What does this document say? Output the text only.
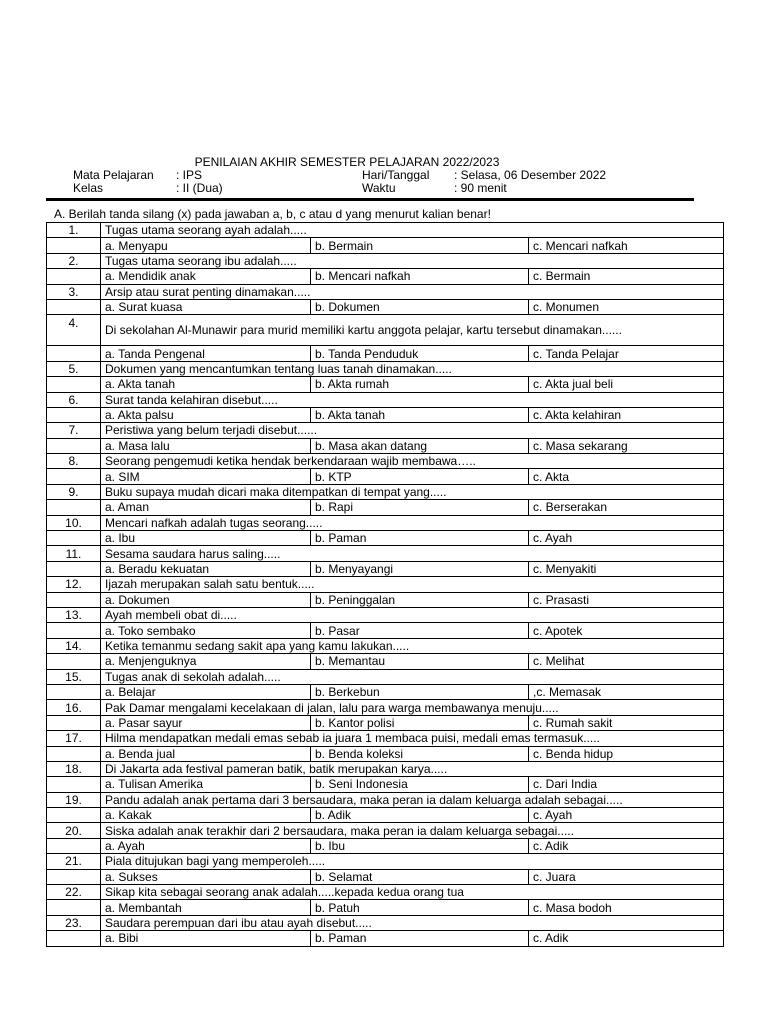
PENILAIAN AKHIR SEMESTER PELAJARAN 2022/2023
Mata Pelajaran : IPS
Kelas	: II (Dua)
Hari/Tanggal : Selasa, 06 Desember 2022
Waktu	: 90 menit
A. Berilah tanda silang (x) pada jawaban a, b, c atau d yang menurut kalian benar!
1.	Tugas utama seorang ayah adalah.....		
	a. Menyapu	b. Bermain	c. Mencari nafkah
2.	Tugas utama seorang ibu adalah.....		
	a. Mendidik anak	b. Mencari nafkah	c. Bermain
3.	Arsip atau surat penting dinamakan.....		
	a. Surat kuasa	b. Dokumen	c. Monumen
4.	Di sekolahan Al-Munawir para murid memiliki kartu anggota pelajar, kartu tersebut dinamakan......		
	a. Tanda Pengenal	b. Tanda Penduduk	c. Tanda Pelajar
5.	Dokumen yang mencantumkan tentang luas tanah dinamakan.....		
	a. Akta tanah	b. Akta rumah	c. Akta jual beli
6.	Surat tanda kelahiran disebut.....		
	a. Akta palsu	b. Akta tanah	c. Akta kelahiran
7.	Peristiwa yang belum terjadi disebut......		
	a. Masa lalu	b. Masa akan datang	c. Masa sekarang
8.	Seorang pengemudi ketika hendak berkendaraan wajib membawa…..		
	a. SIM	b. KTP	c. Akta
9.	Buku supaya mudah dicari maka ditempatkan di tempat yang.....		
	a. Aman	b. Rapi	c. Berserakan
10.	Mencari nafkah adalah tugas seorang.....		
	a. Ibu	b. Paman	c. Ayah
11.	Sesama saudara harus saling.....		
	a. Beradu kekuatan	b. Menyayangi	c. Menyakiti
12.	Ijazah merupakan salah satu bentuk.....		
	a. Dokumen	b. Peninggalan	c. Prasasti
13.	Ayah membeli obat di.....		
	a. Toko sembako	b. Pasar	c. Apotek
14.	Ketika temanmu sedang sakit apa yang kamu lakukan.....		
	a. Menjenguknya	b. Memantau	c. Melihat
15.	Tugas anak di sekolah adalah.....		
	a. Belajar	b. Berkebun	,c. Memasak
16.	Pak Damar mengalami kecelakaan di jalan, lalu para warga membawanya menuju.....		
	a. Pasar sayur	b. Kantor polisi	c. Rumah sakit
17.	Hilma mendapatkan medali emas sebab ia juara 1 membaca puisi, medali emas termasuk.....		
	a. Benda jual	b. Benda koleksi	c. Benda hidup
18.	Di Jakarta ada festival pameran batik, batik merupakan karya.....		
	a. Tulisan Amerika	b. Seni Indonesia	c. Dari India
19.	Pandu adalah anak pertama dari 3 bersaudara, maka peran ia dalam keluarga adalah sebagai.....		
	a. Kakak	b. Adik	c. Ayah
20.	Siska adalah anak terakhir dari 2 bersaudara, maka peran ia dalam keluarga sebagai.....		
	a. Ayah	b. Ibu	c. Adik
21.	Piala ditujukan bagi yang memperoleh.....		
	a. Sukses	b. Selamat	c. Juara
22.	Sikap kita sebagai seorang anak adalah.....kepada kedua orang tua		
	a. Membantah	b. Patuh	c. Masa bodoh
23.	Saudara perempuan dari ibu atau ayah disebut.....		
	a. Bibi	b. Paman	c. Adik
